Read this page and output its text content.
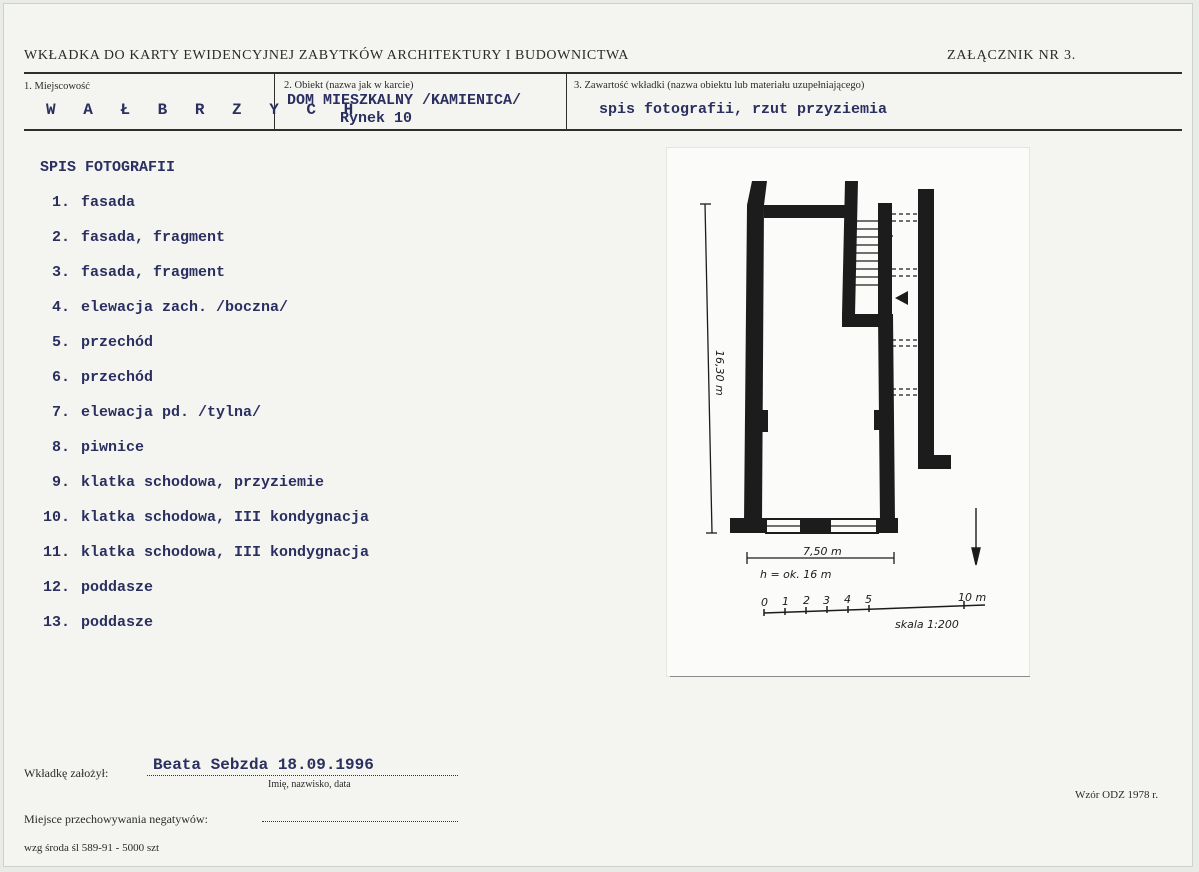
WKŁADKA DO KARTY EWIDENCYJNEJ ZABYTKÓW ARCHITEKTURY I BUDOWNICTWA	ZAŁĄCZNIK NR 3.
1. Miejscowość
W A Ł B R Z Y C H
2. Obiekt (nazwa jak w karcie)
DOM MIESZKALNY /KAMIENICA/
Rynek 10
3. Zawartość wkładki (nazwa obiektu lub materiału uzupełniającego)
spis fotografii, rzut przyziemia
SPIS FOTOGRAFII
1. fasada
2. fasada, fragment
3. fasada, fragment
4. elewacja zach. /boczna/
5. przechód
6. przechód
7. elewacja pd. /tylna/
8. piwnice
9. klatka schodowa, przyziemie
10. klatka schodowa, III kondygnacja
11. klatka schodowa, III kondygnacja
12. poddasze
13. poddasze
16,30 m
7,50 m
h = ok. 16 m
0 1 2 3 4 5	10 m
skala 1:200
Wkładkę założył:	Beata Sebzda 18.09.1996
Imię, nazwisko, data
Miejsce przechowywania negatywów:
wzg środa śl 589-91 - 5000 szt
Wzór ODZ 1978 r.
